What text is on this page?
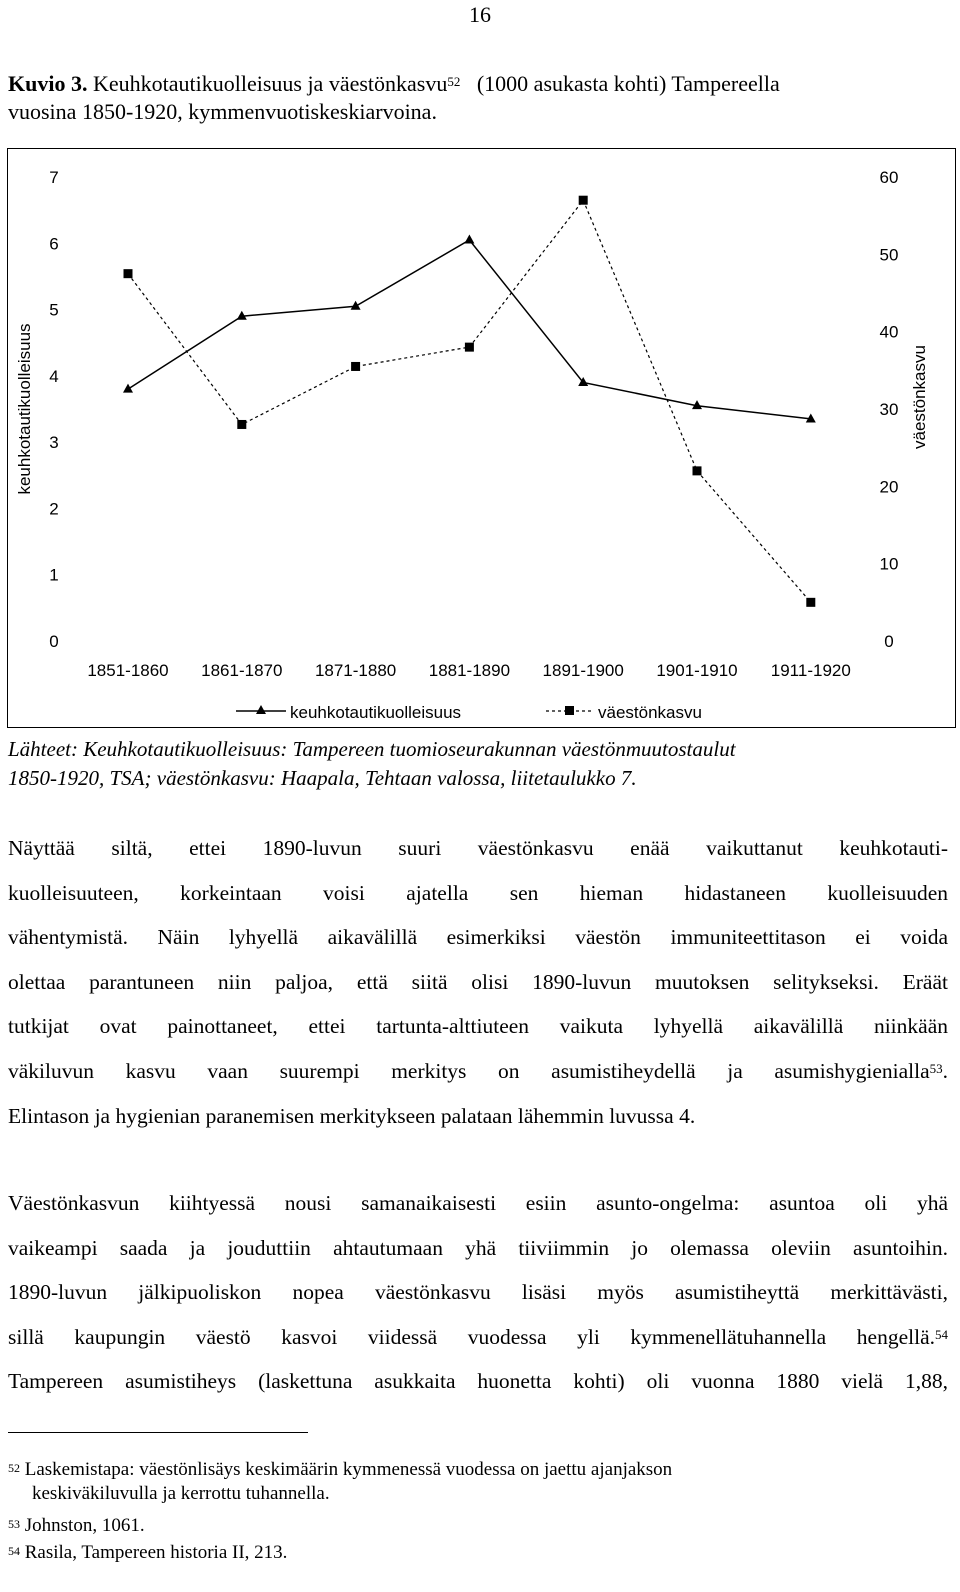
16
Kuvio 3. Keuhkotautikuolleisuus ja väestönkasvu$^{52}$ (1000 asukasta kohti) Tampereella
vuosina 1850-1920, kymmenvuotiskeskiarvoina.
0
1
2
3
4
5
6
7
0
10
20
30
40
50
60
keuhkotautikuolleisuus	väestönkasvu
1851-1860 1861-1870 1871-1880 1881-1890 1891-1900 1901-1910 1911-1920
keuhkotautikuolleisuus	väestönkasvu
Lähteet: Keuhkotautikuolleisuus: Tampereen tuomioseurakunnan väestönmuutostaulut
1850-1920, TSA; väestönkasvu: Haapala, Tehtaan valossa, liitetaulukko 7.
Näyttää siltä, ettei 1890-luvun suuri väestönkasvu enää vaikuttanut keuhkotauti-
kuolleisuuteen, korkeintaan voisi ajatella sen hieman hidastaneen kuolleisuuden
vähentymistä. Näin lyhyellä aikavälillä esimerkiksi väestön immuniteettitason ei voida
olettaa parantuneen niin paljoa, että siitä olisi 1890-luvun muutoksen selitykseksi. Eräät
tutkijat ovat painottaneet, ettei tartunta-alttiuteen vaikuta lyhyellä aikavälillä niinkään
väkiluvun kasvu vaan suurempi merkitys on asumistiheydellä ja asumishygienialla$^{53}$.
Elintason ja hygienian paranemisen merkitykseen palataan lähemmin luvussa 4.
Väestönkasvun kiihtyessä nousi samanaikaisesti esiin asunto-ongelma: asuntoa oli yhä
vaikeampi saada ja jouduttiin ahtautumaan yhä tiiviimmin jo olemassa oleviin asuntoihin.
1890-luvun jälkipuoliskon nopea väestönkasvu lisäsi myös asumistiheyttä merkittävästi,
sillä kaupungin väestö kasvoi viidessä vuodessa yli kymmenellätuhannella hengellä.$^{54}$
Tampereen asumistiheys (laskettuna asukkaita huonetta kohti) oli vuonna 1880 vielä 1,88,
$^{52}$ Laskemistapa: väestönlisäys keskimäärin kymmenessä vuodessa on jaettu ajanjakson
keskiväkiluvulla ja kerrottu tuhannella.
$^{53}$ Johnston, 1061.
$^{54}$ Rasila, Tampereen historia II, 213.
